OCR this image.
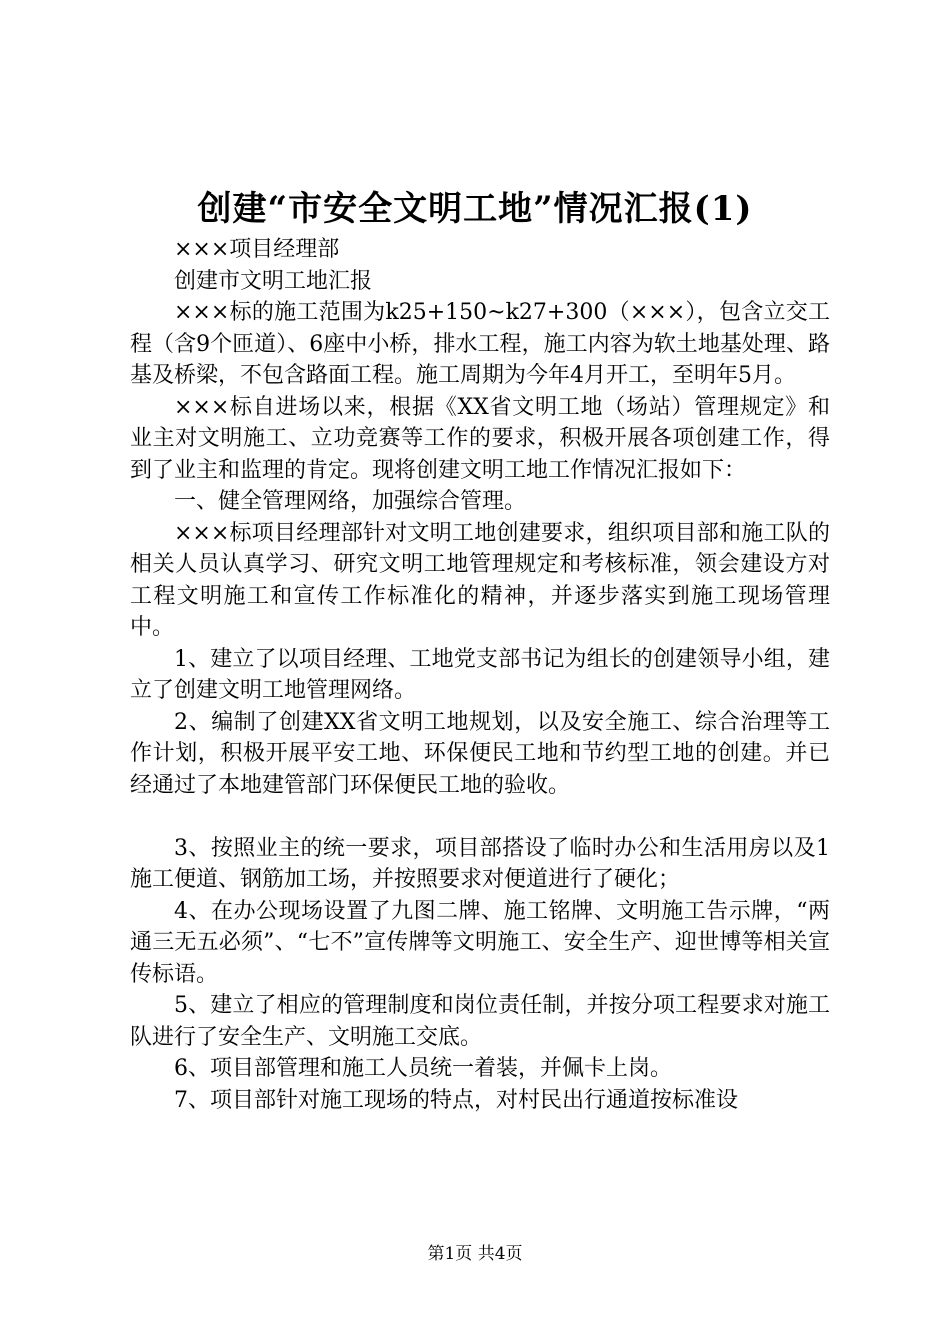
创建“市安全文明工地”情况汇报(1)

×××项目经理部

创建市文明工地汇报

×××标的施工范围为k25+150~k27+300（×××），包含立交工程（含9个匝道）、6座中小桥，排水工程，施工内容为软土地基处理、路基及桥梁，不包含路面工程。施工周期为今年4月开工，至明年5月。

×××标自进场以来，根据《XX省文明工地（场站）管理规定》和业主对文明施工、立功竞赛等工作的要求，积极开展各项创建工作，得到了业主和监理的肯定。现将创建文明工地工作情况汇报如下：

一、健全管理网络，加强综合管理。

×××标项目经理部针对文明工地创建要求，组织项目部和施工队的相关人员认真学习、研究文明工地管理规定和考核标准，领会建设方对工程文明施工和宣传工作标准化的精神，并逐步落实到施工现场管理中。

1、建立了以项目经理、工地党支部书记为组长的创建领导小组，建立了创建文明工地管理网络。

2、编制了创建XX省文明工地规划，以及安全施工、综合治理等工作计划，积极开展平安工地、环保便民工地和节约型工地的创建。并已经通过了本地建管部门环保便民工地的验收。

3、按照业主的统一要求，项目部搭设了临时办公和生活用房以及1施工便道、钢筋加工场，并按照要求对便道进行了硬化；

4、在办公现场设置了九图二牌、施工铭牌、文明施工告示牌，“两通三无五必须”、“七不”宣传牌等文明施工、安全生产、迎世博等相关宣传标语。

5、建立了相应的管理制度和岗位责任制，并按分项工程要求对施工队进行了安全生产、文明施工交底。

6、项目部管理和施工人员统一着装，并佩卡上岗。

7、项目部针对施工现场的特点，对村民出行通道按标准设

第1页 共4页
